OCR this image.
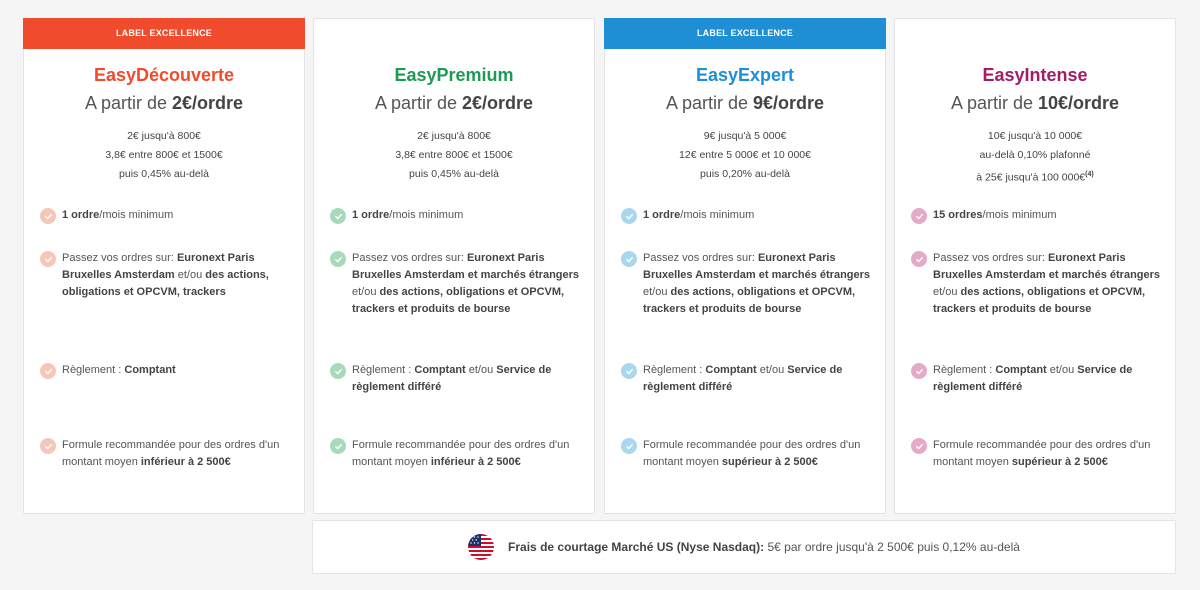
LABEL EXCELLENCE
EasyDécouverte
A partir de 2€/ordre
2€ jusqu'à 800€
3,8€ entre 800€ et 1500€
puis 0,45% au-delà
1 ordre/mois minimum
Passez vos ordres sur: Euronext Paris Bruxelles Amsterdam et/ou des actions, obligations et OPCVM, trackers
Règlement : Comptant
Formule recommandée pour des ordres d'un montant moyen inférieur à 2 500€
EasyPremium
A partir de 2€/ordre
2€ jusqu'à 800€
3,8€ entre 800€ et 1500€
puis 0,45% au-delà
1 ordre/mois minimum
Passez vos ordres sur: Euronext Paris Bruxelles Amsterdam et marchés étrangers et/ou des actions, obligations et OPCVM, trackers et produits de bourse
Règlement : Comptant et/ou Service de règlement différé
Formule recommandée pour des ordres d'un montant moyen inférieur à 2 500€
LABEL EXCELLENCE
EasyExpert
A partir de 9€/ordre
9€ jusqu'à 5 000€
12€ entre 5 000€ et 10 000€
puis 0,20% au-delà
1 ordre/mois minimum
Passez vos ordres sur: Euronext Paris Bruxelles Amsterdam et marchés étrangers et/ou des actions, obligations et OPCVM, trackers et produits de bourse
Règlement : Comptant et/ou Service de règlement différé
Formule recommandée pour des ordres d'un montant moyen supérieur à 2 500€
EasyIntense
A partir de 10€/ordre
10€ jusqu'à 10 000€
au-delà 0,10% plafonné
à 25€ jusqu'à 100 000€$^{(4)}$
15 ordres/mois minimum
Passez vos ordres sur: Euronext Paris Bruxelles Amsterdam et marchés étrangers et/ou des actions, obligations et OPCVM, trackers et produits de bourse
Règlement : Comptant et/ou Service de règlement différé
Formule recommandée pour des ordres d'un montant moyen supérieur à 2 500€
Frais de courtage Marché US (Nyse Nasdaq): 5€ par ordre jusqu'à 2 500€ puis 0,12% au-delà
